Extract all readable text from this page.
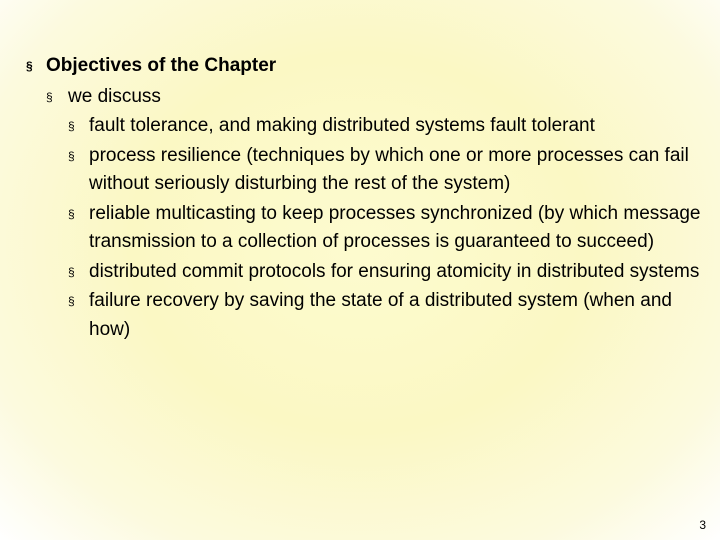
§ Objectives of the Chapter
§ we discuss
§ fault tolerance, and making distributed systems fault tolerant
§ process resilience (techniques by which one or more processes can fail without seriously disturbing the rest of the system)
§ reliable multicasting to keep processes synchronized (by which message transmission to a collection of processes is guaranteed to succeed)
§ distributed commit protocols for ensuring atomicity in distributed systems
§ failure recovery by saving the state of a distributed system (when and how)
3
